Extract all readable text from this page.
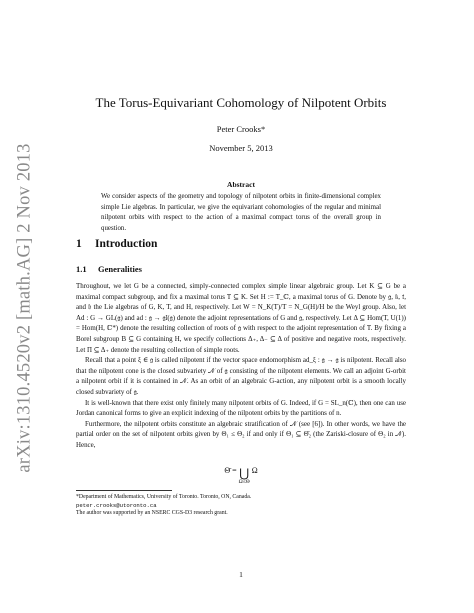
arXiv:1310.4520v2 [math.AG] 2 Nov 2013
The Torus-Equivariant Cohomology of Nilpotent Orbits
Peter Crooks*
November 5, 2013
Abstract

We consider aspects of the geometry and topology of nilpotent orbits in finite-dimensional complex simple Lie algebras. In particular, we give the equivariant cohomologies of the regular and minimal nilpotent orbits with respect to the action of a maximal compact torus of the overall group in question.

1 Introduction
1.1 Generalities

Throughout, we let G be a connected, simply-connected complex simple linear algebraic group. Let K ⊆ G be a maximal compact subgroup, and fix a maximal torus T ⊆ K. Set H := T_ℂ, a maximal torus of G. Denote by 𝔤, 𝔨, 𝔱, and 𝔥 the Lie algebras of G, K, T, and H, respectively. Let W = N_K(T)/T = N_G(H)/H be the Weyl group. Also, let Ad : G → GL(𝔤) and ad : 𝔤 → 𝔤𝔩(𝔤) denote the adjoint representations of G and 𝔤, respectively. Let Δ ⊆ Hom(T, U(1)) = Hom(H, ℂ*) denote the resulting collection of roots of 𝔤 with respect to the adjoint representation of T. By fixing a Borel subgroup B ⊆ G containing H, we specify collections Δ₊, Δ₋ ⊆ Δ of positive and negative roots, respectively. Let Π ⊆ Δ₊ denote the resulting collection of simple roots.

Recall that a point ξ ∈ 𝔤 is called nilpotent if the vector space endomorphism ad_ξ : 𝔤 → 𝔤 is nilpotent. Recall also that the nilpotent cone is the closed subvariety 𝒩 of 𝔤 consisting of the nilpotent elements. We call an adjoint G-orbit a nilpotent orbit if it is contained in 𝒩. As an orbit of an algebraic G-action, any nilpotent orbit is a smooth locally closed subvariety of 𝔤.

It is well-known that there exist only finitely many nilpotent orbits of G. Indeed, if G = SL_n(ℂ), then one can use Jordan canonical forms to give an explicit indexing of the nilpotent orbits by the partitions of n.

Furthermore, the nilpotent orbits constitute an algebraic stratification of 𝒩 (see [6]). In other words, we have the partial order on the set of nilpotent orbits given by Θ₁ ≤ Θ₂ if and only if Θ₁ ⊆ Θ̄₂ (the Zariski-closure of Θ₂ in 𝒩). Hence,

Θ̄ = ⋃
Ω≤Θ
Ω
*Department of Mathematics, University of Toronto. Toronto, ON, Canada.
peter.crooks@utoronto.ca
The author was supported by an NSERC CGS-D3 research grant.
1
